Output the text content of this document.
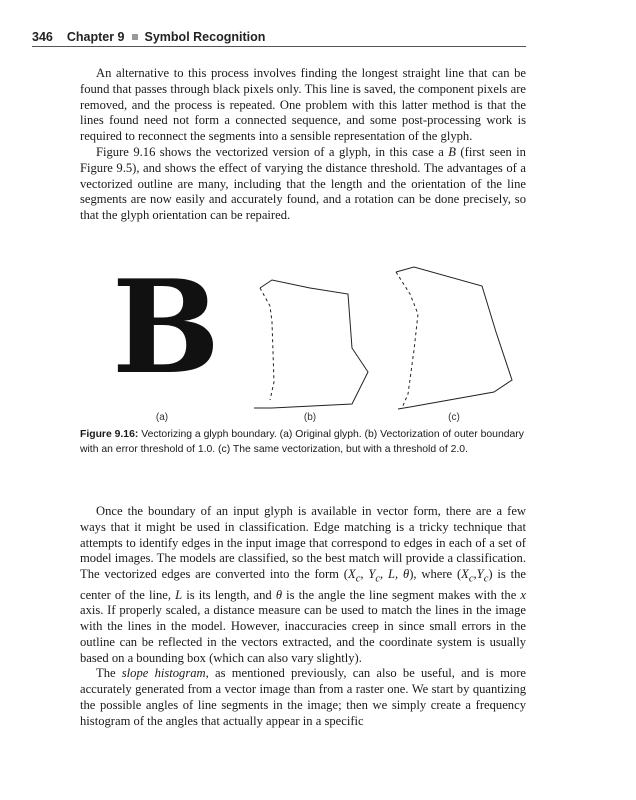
346 Chapter 9 Symbol Recognition

An alternative to this process involves finding the longest straight line that can be found that passes through black pixels only. This line is saved, the component pixels are removed, and the process is repeated. One problem with this latter method is that the lines found need not form a connected sequence, and some post-processing work is required to reconnect the segments into a sensible representation of the glyph.

Figure 9.16 shows the vectorized version of a glyph, in this case a B (first seen in Figure 9.5), and shows the effect of varying the distance threshold. The advantages of a vectorized outline are many, including that the length and the orientation of the line segments are now easily and accurately found, and a rotation can be done precisely, so that the glyph orientation can be repaired.

B
(a)	(b)	(c)
Figure 9.16: Vectorizing a glyph boundary. (a) Original glyph. (b) Vectorization of outer boundary with an error threshold of 1.0. (c) The same vectorization, but with a threshold of 2.0.

Once the boundary of an input glyph is available in vector form, there are a few ways that it might be used in classification. Edge matching is a tricky technique that attempts to identify edges in the input image that correspond to edges in each of a set of model images. The models are classified, so the best match will provide a classification. The vectorized edges are converted into the form ($X_c$, $Y_c$, L, θ), where $(X_c,Y_c)$ is the center of the line, L is its length, and θ is the angle the line segment makes with the x axis. If properly scaled, a distance measure can be used to match the lines in the image with the lines in the model. However, inaccuracies creep in since small errors in the outline can be reflected in the vectors extracted, and the coordinate system is usually based on a bounding box (which can also vary slightly).

The slope histogram, as mentioned previously, can also be useful, and is more accurately generated from a vector image than from a raster one. We start by quantizing the possible angles of line segments in the image; then we simply create a frequency histogram of the angles that actually appear in a specific
